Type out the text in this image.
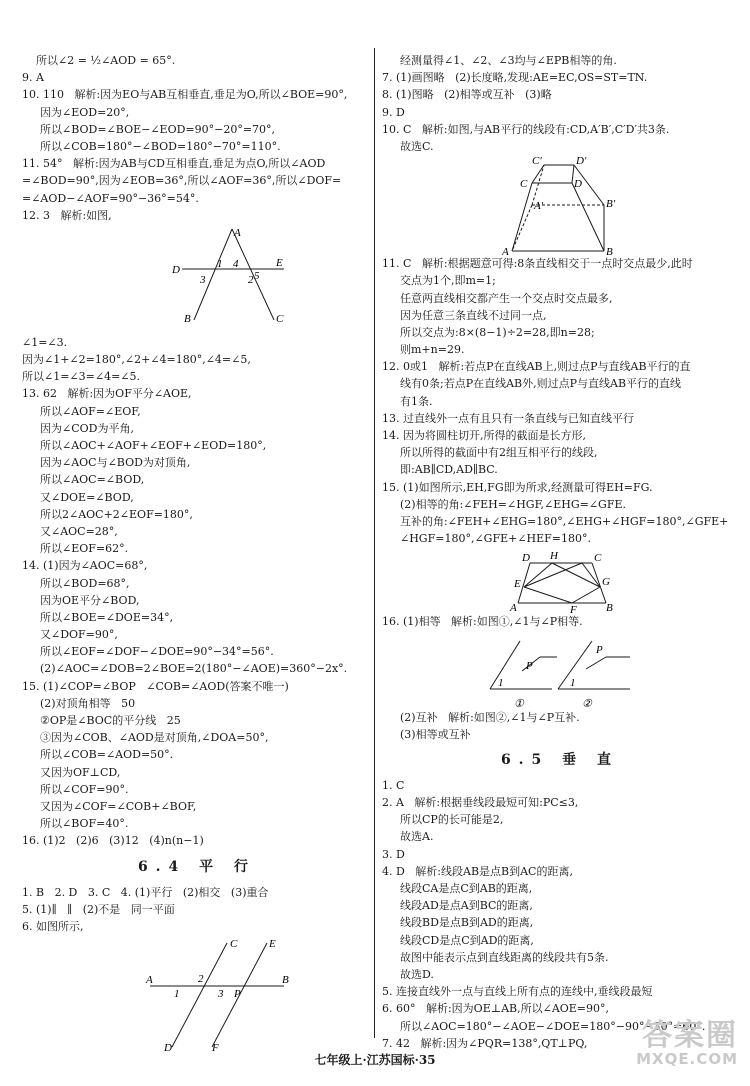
所以∠2 = ½∠AOD = 65°.
9. A
10. 110   解析:因为EO与AB互相垂直,垂足为O,所以∠BOE=90°,
因为∠EOD=20°,
所以∠BOD=∠BOE−∠EOD=90°−20°=70°,
所以∠COB=180°−∠BOD=180°−70°=110°.
11. 54°   解析:因为AB与CD互相垂直,垂足为点O,所以∠AOD
=∠BOD=90°,因为∠EOB=36°,所以∠AOF=36°,所以∠DOF=
=∠AOD−∠AOF=90°−36°=54°.
12. 3   解析:如图,
A
D
E
B	C
1
2
3
4
5
∠1=∠3.
因为∠1+∠2=180°,∠2+∠4=180°,∠4=∠5,
所以∠1=∠3=∠4=∠5.
13. 62   解析:因为OF平分∠AOE,
所以∠AOF=∠EOF,
因为∠COD为平角,
所以∠AOC+∠AOF+∠EOF+∠EOD=180°,
因为∠AOC与∠BOD为对顶角,
所以∠AOC=∠BOD,
又∠DOE=∠BOD,
所以2∠AOC+2∠EOF=180°,
又∠AOC=28°,
所以∠EOF=62°.
14. (1)因为∠AOC=68°,
所以∠BOD=68°,
因为OE平分∠BOD,
所以∠BOE=∠DOE=34°,
又∠DOF=90°,
所以∠EOF=∠DOF−∠DOE=90°−34°=56°.
(2)∠AOC=∠DOB=2∠BOE=2(180°−∠AOE)=360°−2x°.
15. (1)∠COP=∠BOP   ∠COB=∠AOD(答案不唯一)
(2)对顶角相等   50
②OP是∠BOC的平分线   25
③因为∠COB、∠AOD是对顶角,∠DOA=50°,
所以∠COB=∠AOD=50°.
又因为OF⊥CD,
所以∠COF=90°.
又因为∠COF=∠COB+∠BOF,
所以∠BOF=40°.
16. (1)2   (2)6   (3)12   (4)n(n−1)
6.4 平 行
1. B   2. D   3. C   4. (1)平行   (2)相交   (3)重合
5. (1)∥   ∥   (2)不是   同一平面
6. 如图所示,
C	E
A	B
D	F
1
2
3 P
经测量得∠1、∠2、∠3均与∠EPB相等的角.
7. (1)画图略   (2)长度略,发现:AE=EC,OS=ST=TN.
8. (1)图略   (2)相等或互补   (3)略
9. D
10. C   解析:如图,与AB平行的线段有:CD,A′B′,C′D′共3条.
故选C.
C′	D′
A′	B′
C	D
A	B
11. C   解析:根据题意可得:8条直线相交于一点时交点最少,此时
交点为1个,即m=1;
任意两直线相交都产生一个交点时交点最多,
因为任意三条直线不过同一点,
所以交点为:8×(8−1)÷2=28,即n=28;
则m+n=29.
12. 0或1   解析:若点P在直线AB上,则过点P与直线AB平行的直
线有0条;若点P在直线AB外,则过点P与直线AB平行的直线
有1条.
13. 过直线外一点有且只有一条直线与已知直线平行
14. 因为将圆柱切开,所得的截面是长方形,
所以所得的截面中有2组互相平行的线段,
即:AB∥CD,AD∥BC.
15. (1)如图所示,EH,FG即为所求,经测量可得EH=FG.
(2)相等的角:∠FEH=∠HGF,∠EHG=∠GFE.
互补的角:∠FEH+∠EHG=180°,∠EHG+∠HGF=180°,∠GFE+
∠HGF=180°,∠GFE+∠HEF=180°.
D H	C
G
E
A	F	B
16. (1)相等   解析:如图①,∠1与∠P相等.
P
1
P
1
①	②
(2)互补   解析:如图②,∠1与∠P互补.
(3)相等或互补
6.5 垂 直
1. C
2. A   解析:根据垂线段最短可知:PC≤3,
所以CP的长可能是2,
故选A.
3. D
4. D   解析:线段AB是点B到AC的距离,
线段CA是点C到AB的距离,
线段AD是点A到BC的距离,
线段BD是点B到AD的距离,
线段CD是点C到AD的距离,
故图中能表示点到直线距离的线段共有5条.
故选D.
5. 连接直线外一点与直线上所有点的连线中,垂线段最短
6. 60°   解析:因为OE⊥AB,所以∠AOE=90°,
所以∠AOC=180°−∠AOE−∠DOE=180°−90°−30°=60°.
7. 42   解析:因为∠PQR=138°,QT⊥PQ,
七年级上·江苏国标·35
答案圈
MXQE.COM
